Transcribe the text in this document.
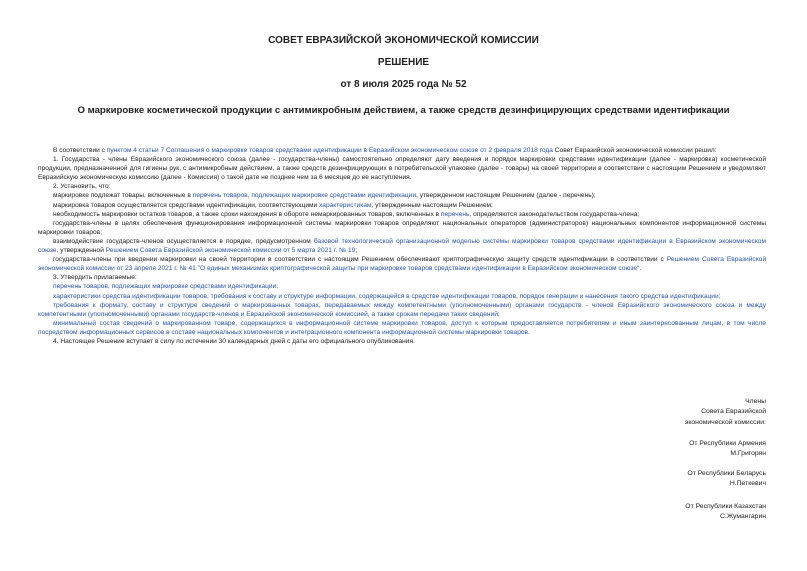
СОВЕТ ЕВРАЗИЙСКОЙ ЭКОНОМИЧЕСКОЙ КОМИССИИ
РЕШЕНИЕ
от 8 июля 2025 года № 52
О маркировке косметической продукции с антимикробным действием, а также средств дезинфицирующих средствами идентификации

В соответствии с пунктом 4 статьи 7 Соглашения о маркировке товаров средствами идентификации в Евразийском экономическом союзе от 2 февраля 2018 года Совет Евразийской экономической комиссии решил:

1. Государства - члены Евразийского экономического союза (далее - государства-члены) самостоятельно определяют дату введения и порядок маркировки средствами идентификации (далее - маркировка) косметической продукции, предназначенной для гигиены рук, с антимикробным действием, а также средств дезинфицирующих в потребительской упаковке (далее - товары) на своей территории в соответствии с настоящим Решением и уведомляют Евразийскую экономическую комиссию (далее - Комиссия) о такой дате не позднее чем за 6 месяцев до ее наступления.

2. Установить, что:

маркировке подлежат товары, включенные в перечень товаров, подлежащих маркировке средствами идентификации, утвержденном настоящим Решением (далее - перечень);

маркировка товаров осуществляется средствами идентификации, соответствующими характеристикам, утвержденным настоящим Решением;

необходимость маркировки остатков товаров, а также сроки нахождения в обороте немаркированных товаров, включенных в перечень, определяются законодательством государства-члена;

государства-члены в целях обеспечения функционирования информационной системы маркировки товаров определяют национальных операторов (администраторов) национальных компонентов информационной системы маркировки товаров;

взаимодействие государств-членов осуществляется в порядке, предусмотренном базовой технологической организационной моделью системы маркировки товаров средствами идентификации в Евразийском экономическом союзе, утвержденной Решением Совета Евразийской экономической комиссии от 5 марта 2021 г. № 19;

государства-члены при введении маркировки на своей территории в соответствии с настоящим Решением обеспечивают криптографическую защиту средств идентификации в соответствии с Решением Совета Евразийской экономической комиссии от 23 апреля 2021 г. № 41 "О единых механизмах криптографической защиты при маркировке товаров средствами идентификации в Евразийском экономическом союзе".

3. Утвердить прилагаемые:

перечень товаров, подлежащих маркировке средствами идентификации;

характеристики средства идентификации товаров, требования к составу и структуре информации, содержащейся в средстве идентификации товаров, порядок генерации и нанесения такого средства идентификации;

требования к формату, составу и структуре сведений о маркированных товарах, передаваемых между компетентными (уполномоченными) органами государств - членов Евразийского экономического союза и между компетентными (уполномоченными) органами государств-членов и Евразийской экономической комиссией, а также срокам передачи таких сведений;

минимальный состав сведений о маркированном товаре, содержащихся в информационной системе маркировки товаров, доступ к которым предоставляется потребителям и иным заинтересованным лицам, в том числе посредством информационных сервисов в составе национальных компонентов и интеграционного компонента информационной системы маркировки товаров.

4. Настоящее Решение вступает в силу по истечении 30 календарных дней с даты его официального опубликования.

Члены
Совета Евразийской
экономической комиссии:
От Республики Армения
М.Григорян
От Республики Беларусь
Н.Петкевич
От Республики Казахстан
С.Жумангарин
